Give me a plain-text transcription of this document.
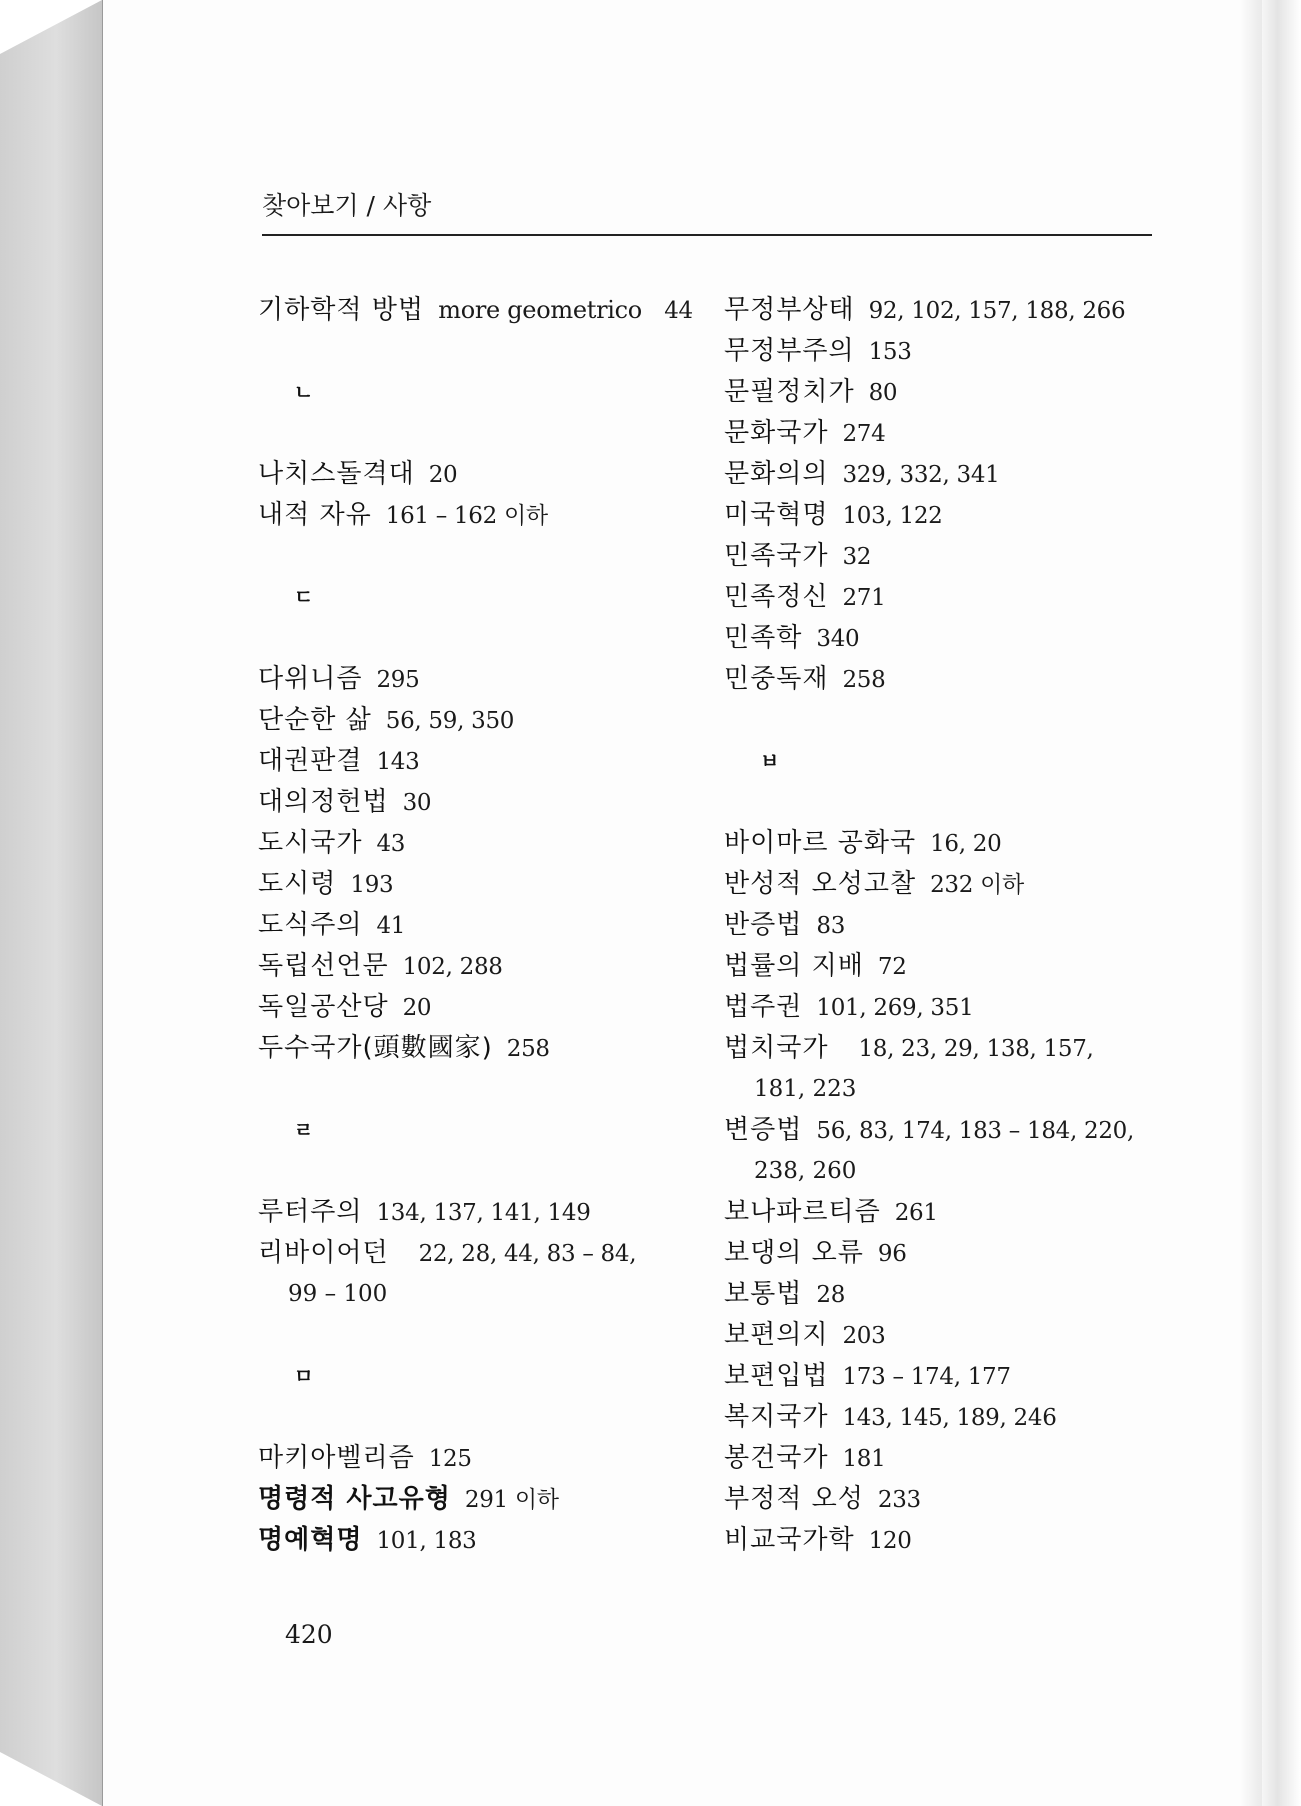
찾아보기 / 사항
기하학적 방법 more geometrico 44
ㄴ
나치스돌격대 20
내적 자유 161 – 162 이하
ㄷ
다위니즘 295
단순한 삶 56, 59, 350
대권판결 143
대의정헌법 30
도시국가 43
도시령 193
도식주의 41
독립선언문 102, 288
독일공산당 20
두수국가(頭數國家) 258
ㄹ
루터주의 134, 137, 141, 149
리바이어던 22, 28, 44, 83 – 84,
99 – 100
ㅁ
마키아벨리즘 125
명령적 사고유형 291 이하
명예혁명 101, 183
무정부상태 92, 102, 157, 188, 266
무정부주의 153
문필정치가 80
문화국가 274
문화의의 329, 332, 341
미국혁명 103, 122
민족국가 32
민족정신 271
민족학 340
민중독재 258
ㅂ
바이마르 공화국 16, 20
반성적 오성고찰 232 이하
반증법 83
법률의 지배 72
법주권 101, 269, 351
법치국가 18, 23, 29, 138, 157,
181, 223
변증법 56, 83, 174, 183 – 184, 220,
238, 260
보나파르티즘 261
보댕의 오류 96
보통법 28
보편의지 203
보편입법 173 – 174, 177
복지국가 143, 145, 189, 246
봉건국가 181
부정적 오성 233
비교국가학 120
420
